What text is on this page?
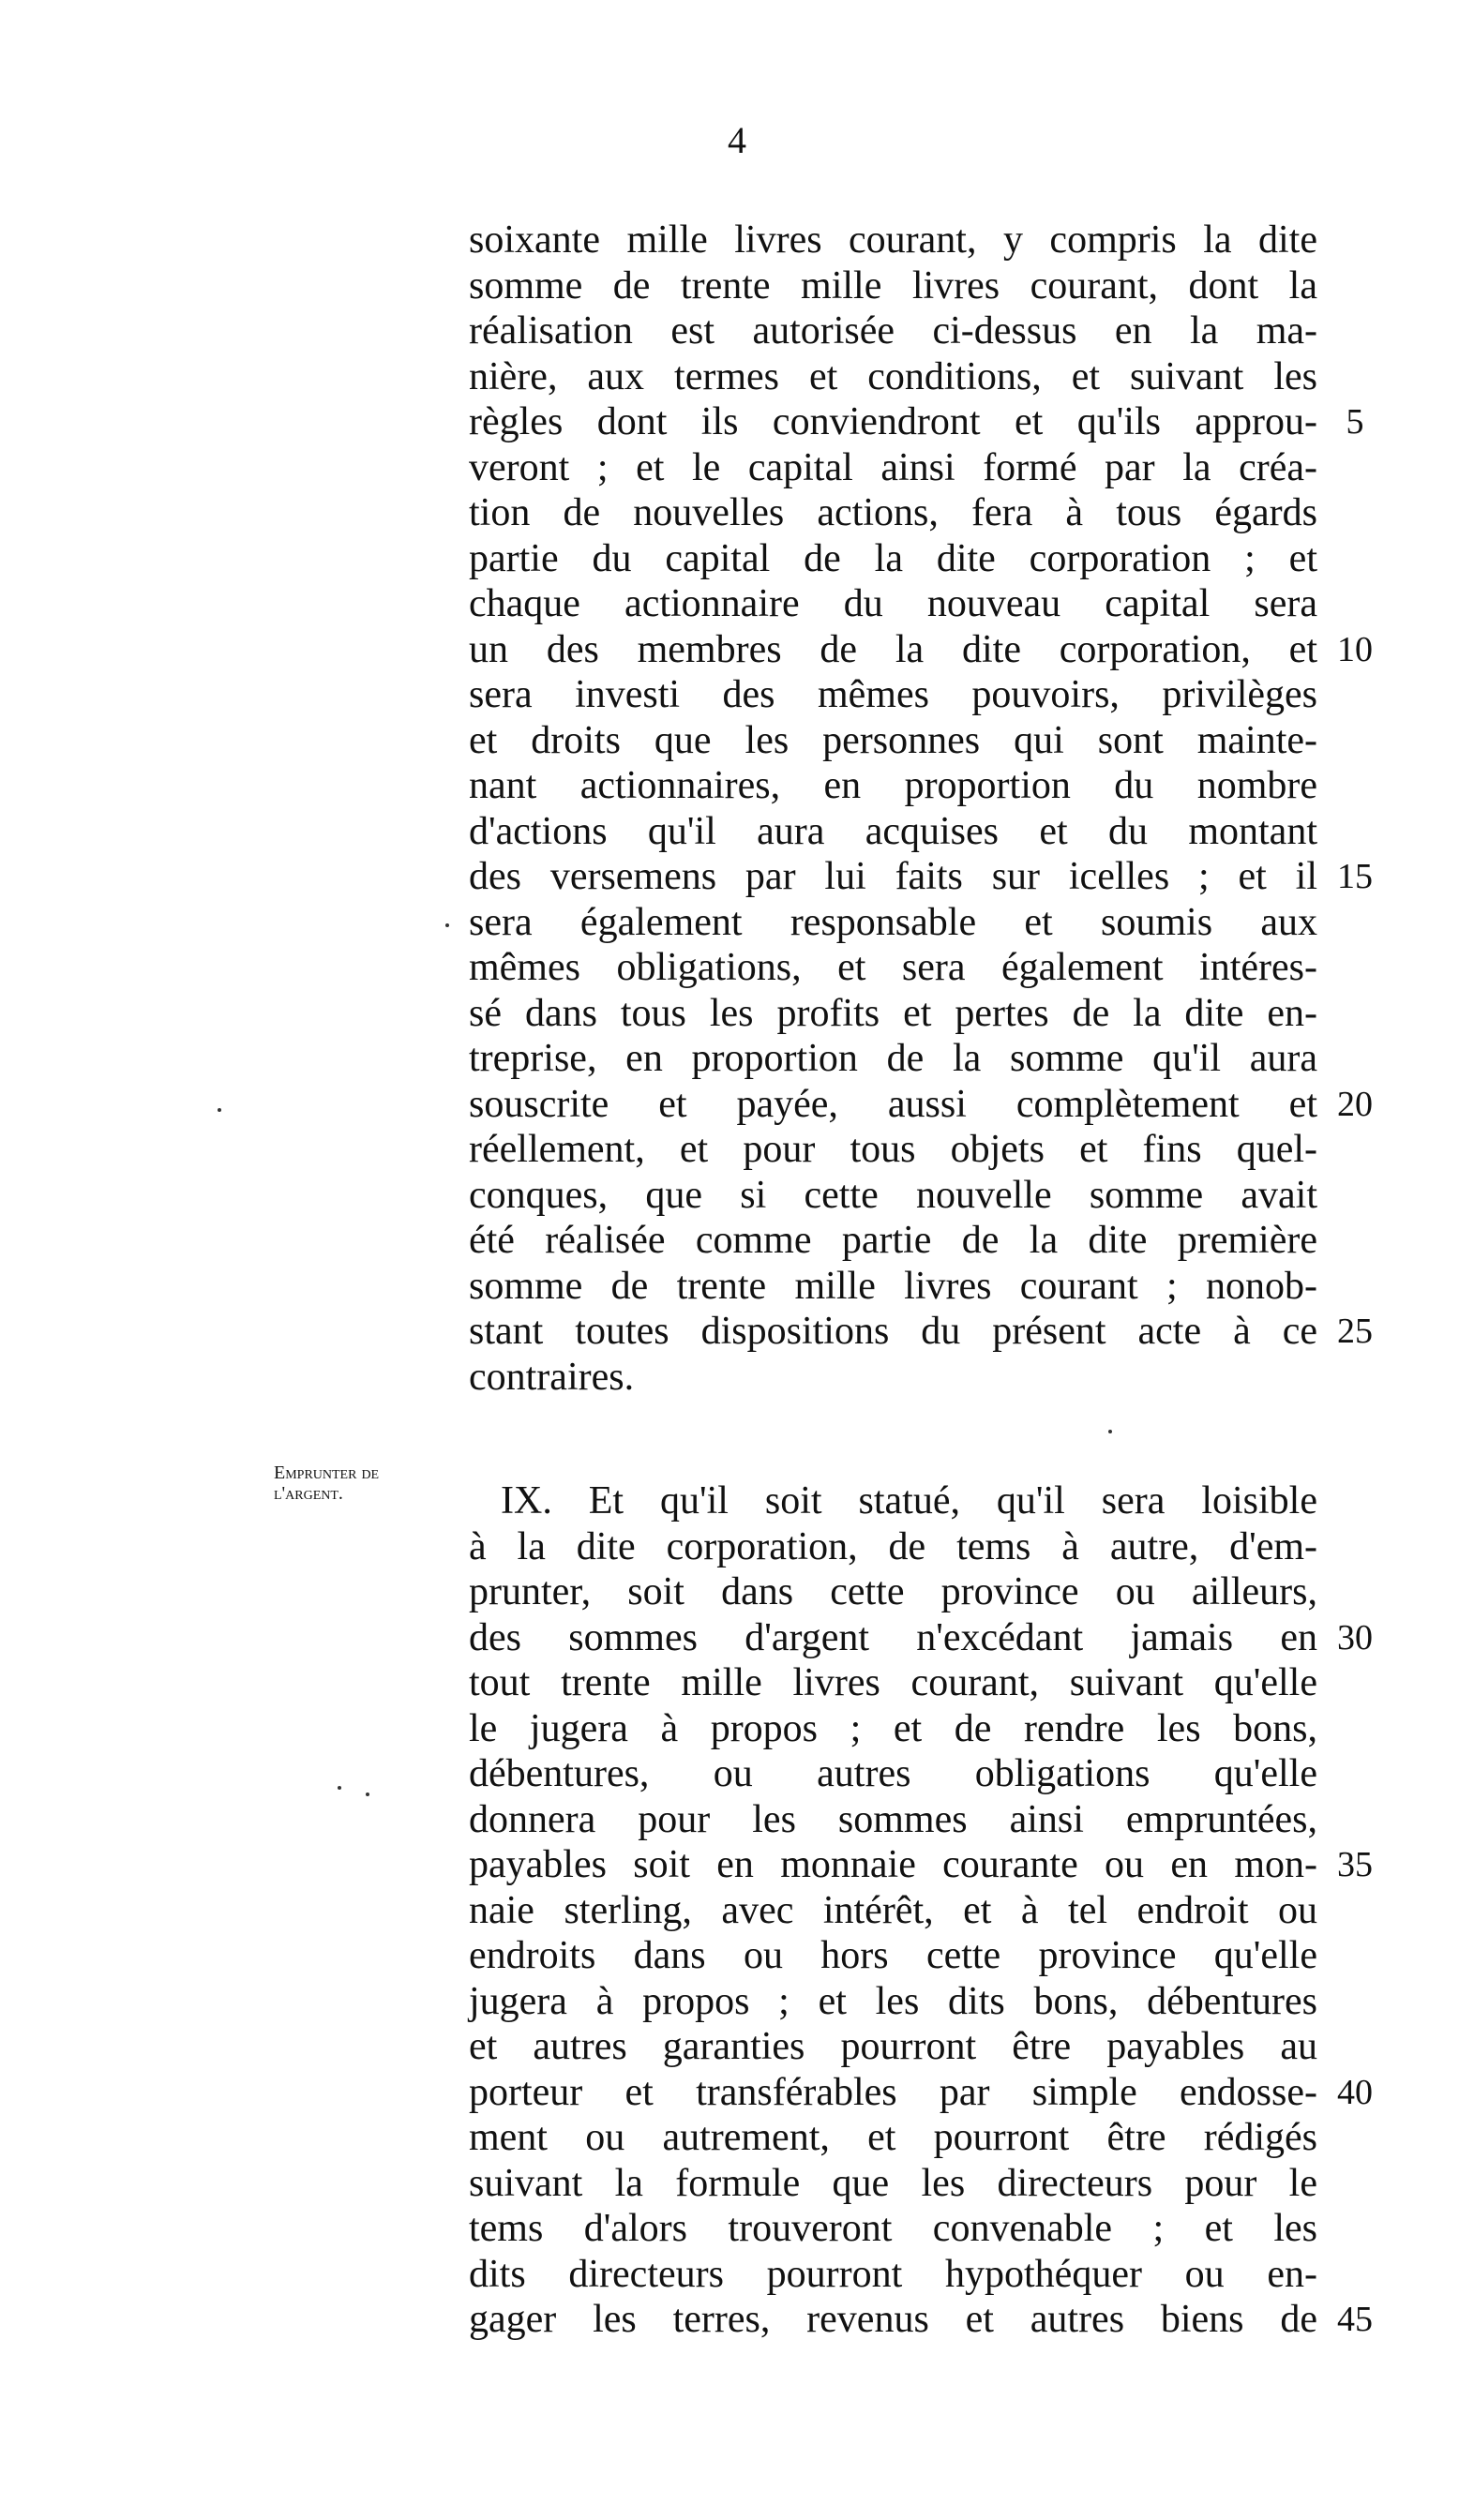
4
Emprunter de
l'argent.
soixante mille livres courant, y compris la dite
somme de trente mille livres courant, dont la
réalisation est autorisée ci-dessus en la ma-
nière, aux termes et conditions, et suivant les
règles dont ils conviendront et qu'ils approu-
veront ; et le capital ainsi formé par la créa-
tion de nouvelles actions, fera à tous égards
partie du capital de la dite corporation ; et
chaque actionnaire du nouveau capital sera
un des membres de la dite corporation, et
sera investi des mêmes pouvoirs, privilèges
et droits que les personnes qui sont mainte-
nant actionnaires, en proportion du nombre
d'actions qu'il aura acquises et du montant
des versemens par lui faits sur icelles ; et il
sera également responsable et soumis aux
mêmes obligations, et sera également intéres-
sé dans tous les profits et pertes de la dite en-
treprise, en proportion de la somme qu'il aura
souscrite et payée, aussi complètement et
réellement, et pour tous objets et fins quel-
conques, que si cette nouvelle somme avait
été réalisée comme partie de la dite première
somme de trente mille livres courant ; nonob-
stant toutes dispositions du présent acte à ce
contraires.
IX. Et qu'il soit statué, qu'il sera loisible
à la dite corporation, de tems à autre, d'em-
prunter, soit dans cette province ou ailleurs,
des sommes d'argent n'excédant jamais en
tout trente mille livres courant, suivant qu'elle
le jugera à propos ; et de rendre les bons,
débentures, ou autres obligations qu'elle
donnera pour les sommes ainsi empruntées,
payables soit en monnaie courante ou en mon-
naie sterling, avec intérêt, et à tel endroit ou
endroits dans ou hors cette province qu'elle
jugera à propos ; et les dits bons, débentures
et autres garanties pourront être payables au
porteur et transférables par simple endosse-
ment ou autrement, et pourront être rédigés
suivant la formule que les directeurs pour le
tems d'alors trouveront convenable ; et les
dits directeurs pourront hypothéquer ou en-
gager les terres, revenus et autres biens de
5
10
15
20
25
30
35
40
45
